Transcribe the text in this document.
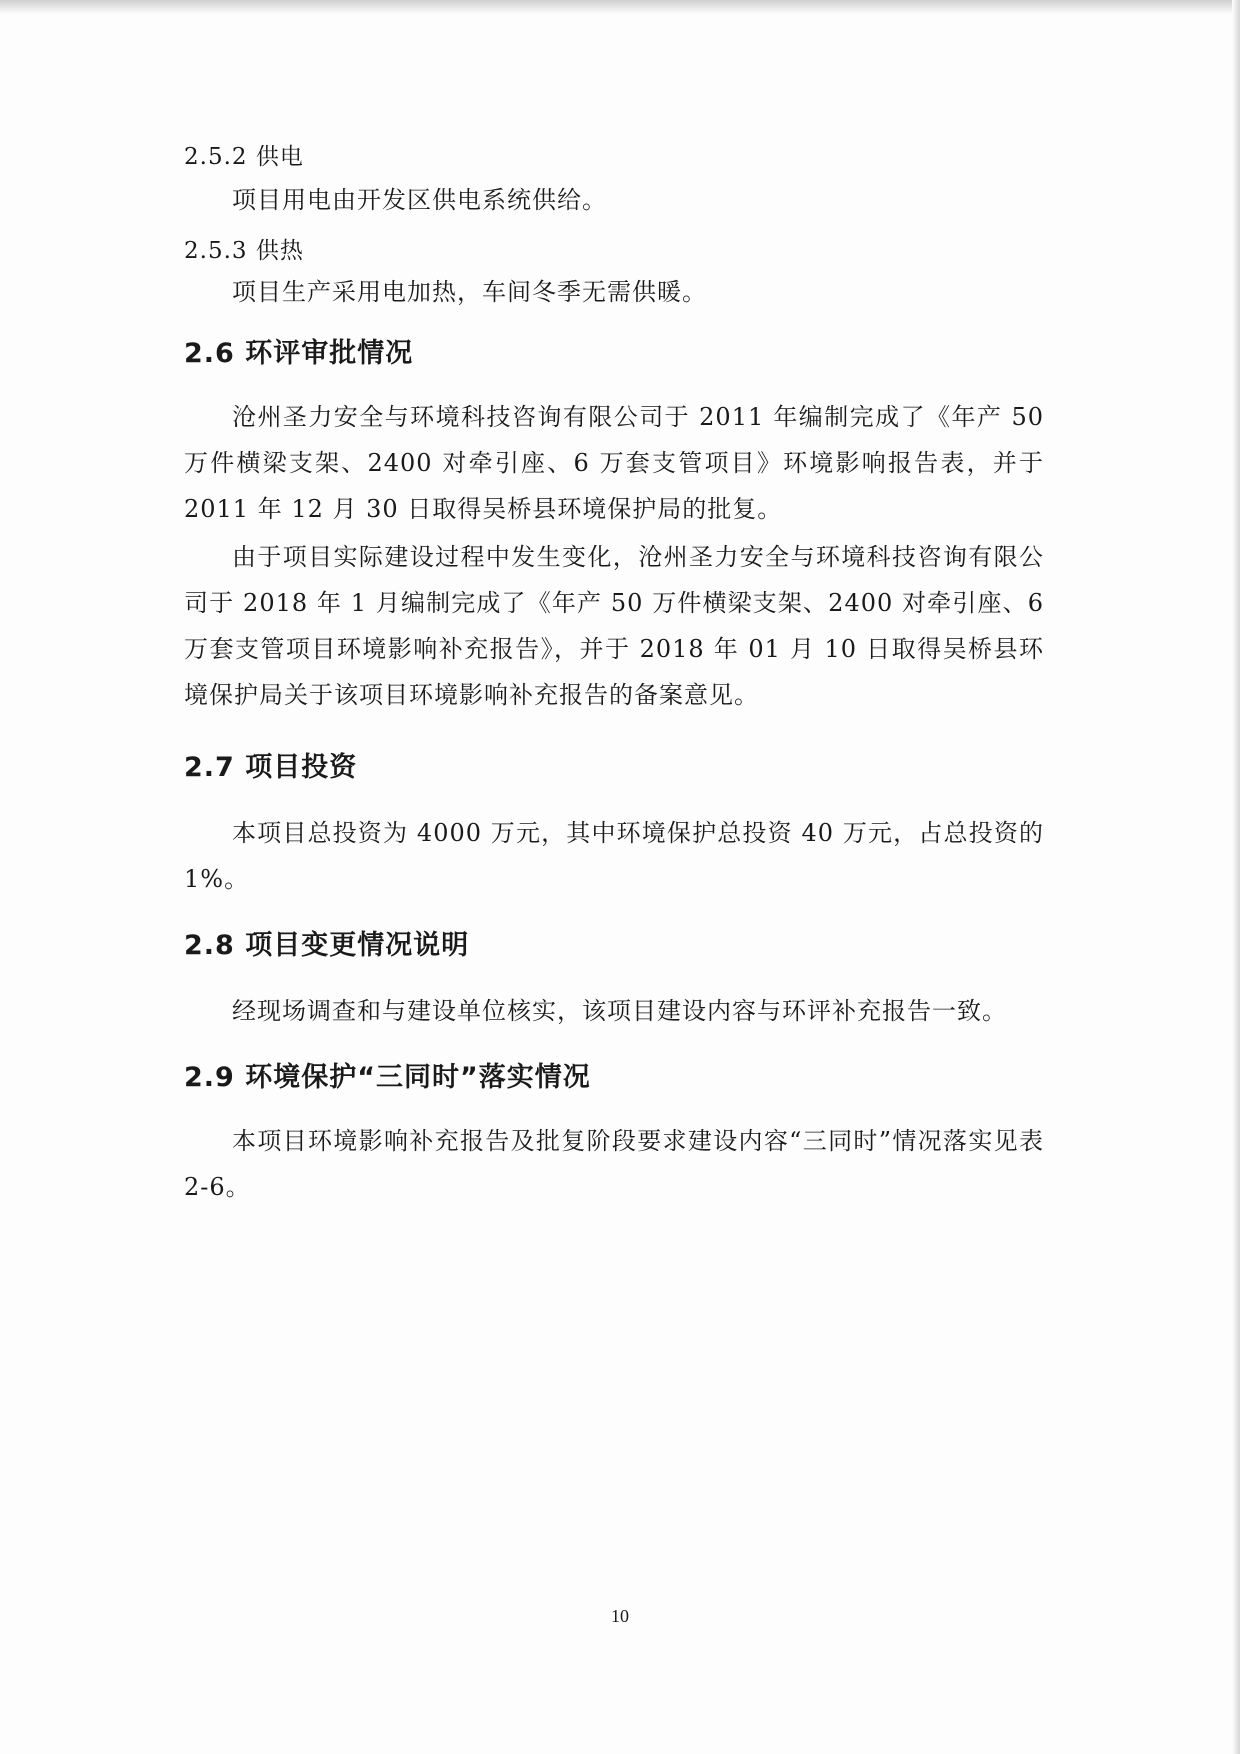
2.5.2 供电

项目用电由开发区供电系统供给。

2.5.3 供热

项目生产采用电加热，车间冬季无需供暖。

2.6 环评审批情况

沧州圣力安全与环境科技咨询有限公司于 2011 年编制完成了《年产 50 万件横梁支架、2400 对牵引座、6 万套支管项目》环境影响报告表，并于 2011 年 12 月 30 日取得吴桥县环境保护局的批复。

由于项目实际建设过程中发生变化，沧州圣力安全与环境科技咨询有限公司于 2018 年 1 月编制完成了《年产 50 万件横梁支架、2400 对牵引座、6 万套支管项目环境影响补充报告》，并于 2018 年 01 月 10 日取得吴桥县环境保护局关于该项目环境影响补充报告的备案意见。

2.7 项目投资

本项目总投资为 4000 万元，其中环境保护总投资 40 万元，占总投资的 1%。

2.8 项目变更情况说明

经现场调查和与建设单位核实，该项目建设内容与环评补充报告一致。

2.9 环境保护“三同时”落实情况

本项目环境影响补充报告及批复阶段要求建设内容“三同时”情况落实见表 2-6。

10
